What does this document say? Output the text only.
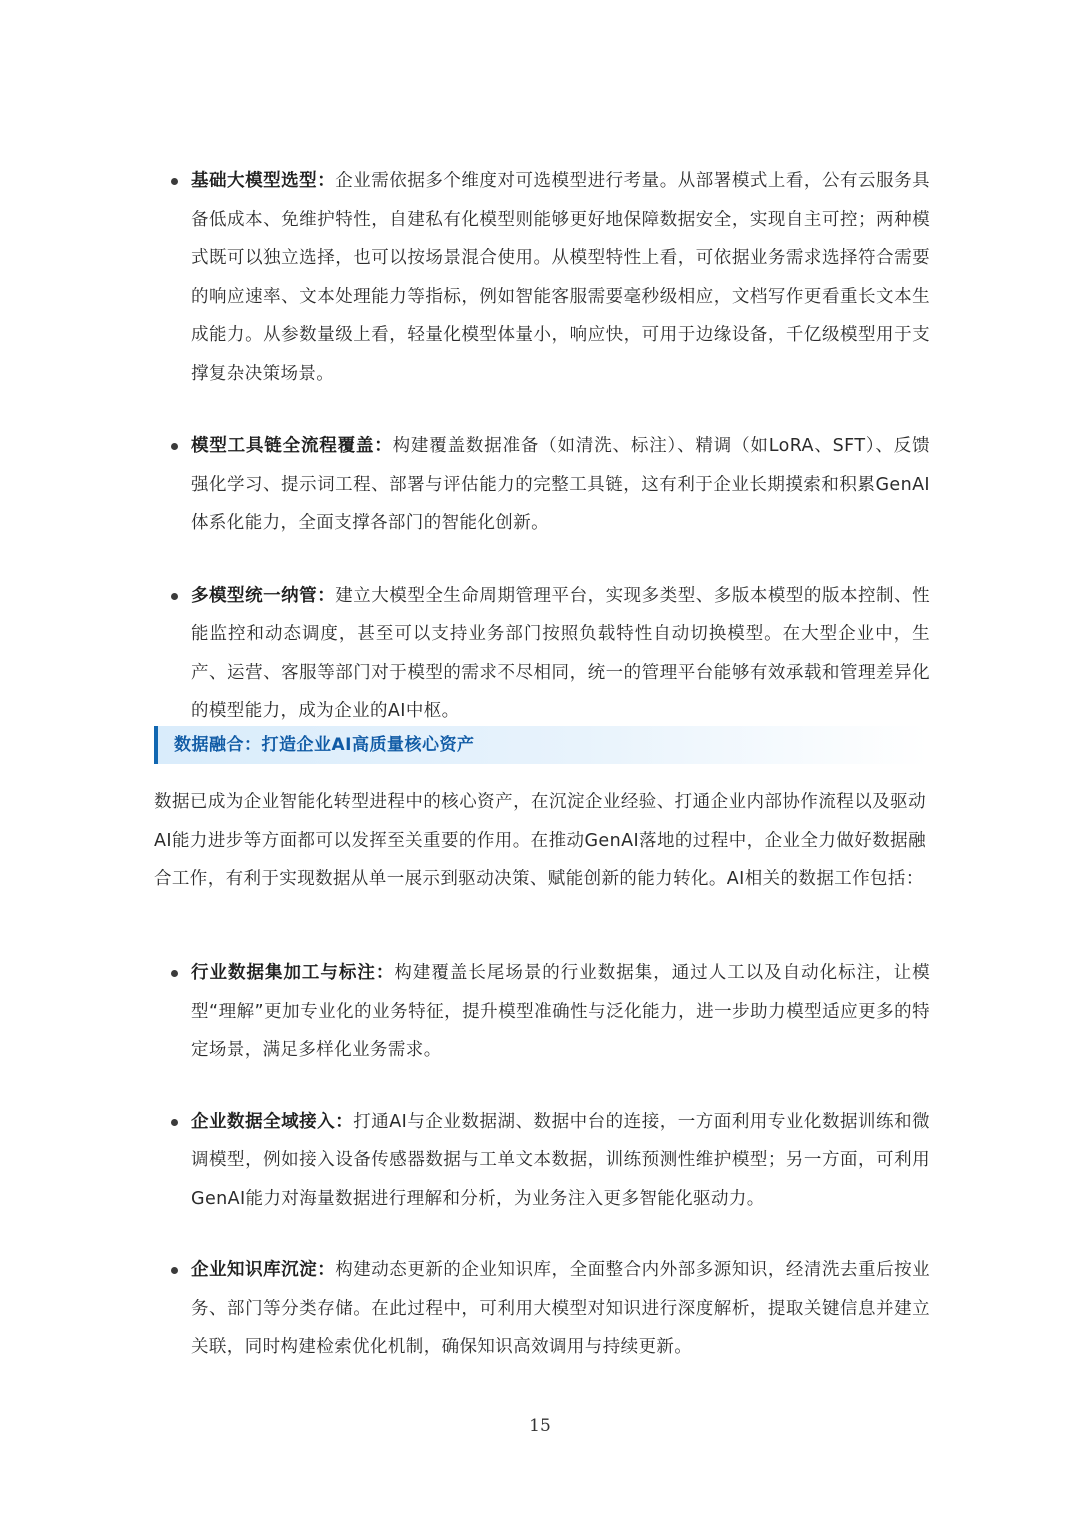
基础大模型选型：企业需依据多个维度对可选模型进行考量。从部署模式上看，公有云服务具备低成本、免维护特性，自建私有化模型则能够更好地保障数据安全，实现自主可控；两种模式既可以独立选择，也可以按场景混合使用。从模型特性上看，可依据业务需求选择符合需要的响应速率、文本处理能力等指标，例如智能客服需要毫秒级相应，文档写作更看重长文本生成能力。从参数量级上看，轻量化模型体量小，响应快，可用于边缘设备，千亿级模型用于支撑复杂决策场景。
模型工具链全流程覆盖：构建覆盖数据准备（如清洗、标注）、精调（如LoRA、SFT）、反馈强化学习、提示词工程、部署与评估能力的完整工具链，这有利于企业长期摸索和积累GenAI体系化能力，全面支撑各部门的智能化创新。
多模型统一纳管：建立大模型全生命周期管理平台，实现多类型、多版本模型的版本控制、性能监控和动态调度，甚至可以支持业务部门按照负载特性自动切换模型。在大型企业中，生产、运营、客服等部门对于模型的需求不尽相同，统一的管理平台能够有效承载和管理差异化的模型能力，成为企业的AI中枢。
数据融合：打造企业AI高质量核心资产

数据已成为企业智能化转型进程中的核心资产，在沉淀企业经验、打通企业内部协作流程以及驱动AI能力进步等方面都可以发挥至关重要的作用。在推动GenAI落地的过程中，企业全力做好数据融合工作，有利于实现数据从单一展示到驱动决策、赋能创新的能力转化。AI相关的数据工作包括：

行业数据集加工与标注：构建覆盖长尾场景的行业数据集，通过人工以及自动化标注，让模型“理解”更加专业化的业务特征，提升模型准确性与泛化能力，进一步助力模型适应更多的特定场景，满足多样化业务需求。
企业数据全域接入：打通AI与企业数据湖、数据中台的连接，一方面利用专业化数据训练和微调模型，例如接入设备传感器数据与工单文本数据，训练预测性维护模型；另一方面，可利用GenAI能力对海量数据进行理解和分析，为业务注入更多智能化驱动力。
企业知识库沉淀：构建动态更新的企业知识库，全面整合内外部多源知识，经清洗去重后按业务、部门等分类存储。在此过程中，可利用大模型对知识进行深度解析，提取关键信息并建立关联，同时构建检索优化机制，确保知识高效调用与持续更新。
15
